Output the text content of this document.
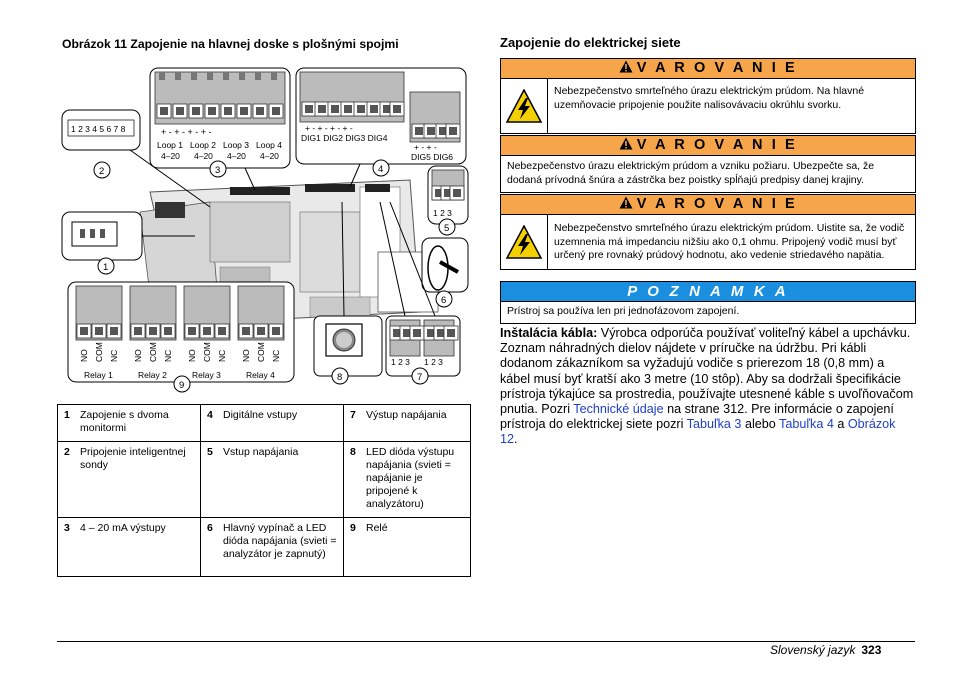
Obrázok 11 Zapojenie na hlavnej doske s plošnými spojmi
1 2 3 4 5 6 7 8	+ - + - + - + -
Loop 1 Loop 2 Loop 3 Loop 4
4–20 4–20 4–20 4–20
+ - + - + - + -
DIG1 DIG2 DIG3 DIG4
+ - + -
DIG5 DIG6
1 2 3
NO COM NC NO COM NC NO COM NC NO COM NC
Relay 1	Relay 2	Relay 3	Relay 4
1 2 3 1 2 3
1
2	3	4
5
6
7
8
9
1	Zapojenie s dvoma monitormi	4	Digitálne vstupy	7	Výstup napájania
2	Pripojenie inteligentnej sondy	5	Vstup napájania	8	LED dióda výstupu napájania (svieti = napájanie je pripojené k analyzátoru)
3	4 – 20 mA výstupy	6	Hlavný vypínač a LED dióda napájania (svieti = analyzátor je zapnutý)	9	Relé
Zapojenie do elektrickej siete
V A R O V A N I E
Nebezpečenstvo smrteľného úrazu elektrickým prúdom. Na hlavné uzemňovacie pripojenie použite nalisovávaciu okrúhlu svorku.
V A R O V A N I E
Nebezpečenstvo úrazu elektrickým prúdom a vzniku požiaru. Ubezpečte sa, že dodaná prívodná šnúra a zástrčka bez poistky spĺňajú predpisy danej krajiny.
V A R O V A N I E
Nebezpečenstvo smrteľného úrazu elektrickým prúdom. Uistite sa, že vodič uzemnenia má impedanciu nižšiu ako 0,1 ohmu. Pripojený vodič musí byť určený pre rovnaký prúdový hodnotu, ako vedenie striedavého napätia.
P O Z N A M K A
Prístroj sa používa len pri jednofázovom zapojení.
Inštalácia kábla: Výrobca odporúča používať voliteľný kábel a upchávku. Zoznam náhradných dielov nájdete v príručke na údržbu. Pri kábli dodanom zákazníkom sa vyžadujú vodiče s prierezom 18 (0,8 mm) a kábel musí byť kratší ako 3 metre (10 stôp). Aby sa dodržali špecifikácie prístroja týkajúce sa prostredia, používajte utesnené káble s uvoľňovačom pnutia. Pozri Technické údaje na strane 312. Pre informácie o zapojení prístroja do elektrickej siete pozri Tabuľka 3 alebo Tabuľka 4 a Obrázok 12.
Slovenský jazyk 323
